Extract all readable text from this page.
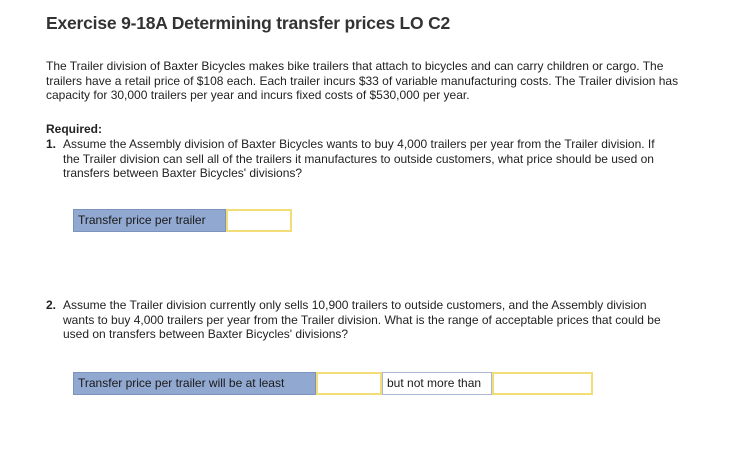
Exercise 9-18A Determining transfer prices LO C2
The Trailer division of Baxter Bicycles makes bike trailers that attach to bicycles and can carry children or cargo. The trailers have a retail price of $108 each. Each trailer incurs $33 of variable manufacturing costs. The Trailer division has capacity for 30,000 trailers per year and incurs fixed costs of $530,000 per year.
Required:
1. Assume the Assembly division of Baxter Bicycles wants to buy 4,000 trailers per year from the Trailer division. If the Trailer division can sell all of the trailers it manufactures to outside customers, what price should be used on transfers between Baxter Bicycles' divisions?
Transfer price per trailer
2. Assume the Trailer division currently only sells 10,900 trailers to outside customers, and the Assembly division wants to buy 4,000 trailers per year from the Trailer division. What is the range of acceptable prices that could be used on transfers between Baxter Bicycles' divisions?
Transfer price per trailer will be at least	but not more than
